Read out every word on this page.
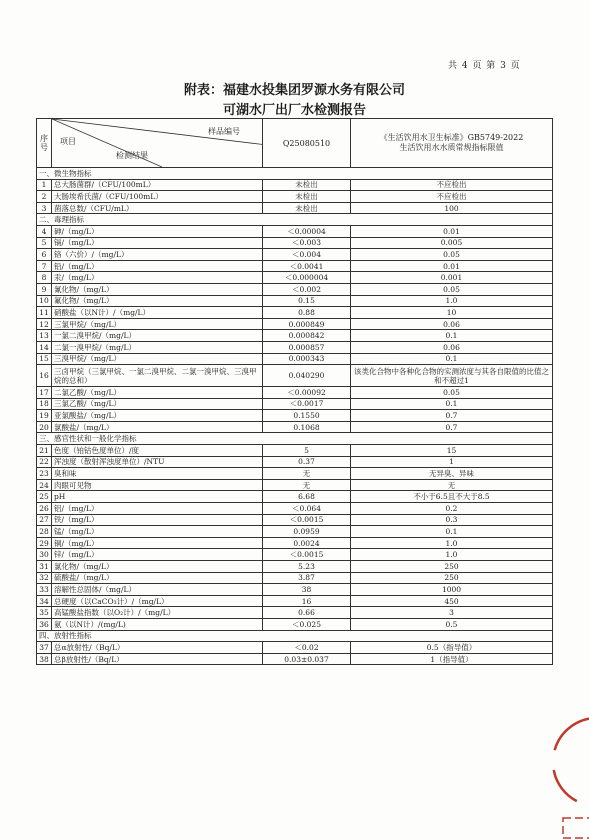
共 4 页 第 3 页
附表：福建水投集团罗源水务有限公司
可湖水厂出厂水检测报告
序号	样品编号
项目
检测结果	Q25080510	《生活饮用水卫生标准》GB5749-2022
生活饮用水水质常规指标限值
一、微生物指标			
1	总大肠菌群/（CFU/100mL）	未检出	不应检出
2	大肠埃希氏菌/（CFU/100mL）	未检出	不应检出
3	菌落总数/（CFU/mL）	未检出	100
二、毒理指标			
4	砷/（mg/L）	＜0.00004	0.01
5	镉/（mg/L）	＜0.003	0.005
6	铬（六价）/（mg/L）	＜0.004	0.05
7	铅/（mg/L）	＜0.0041	0.01
8	汞/（mg/L）	＜0.000004	0.001
9	氰化物/（mg/L）	＜0.002	0.05
10	氟化物/（mg/L）	0.15	1.0
11	硝酸盐（以N计）/（mg/L）	0.88	10
12	三氯甲烷/（mg/L）	0.000849	0.06
13	一氯二溴甲烷/（mg/L）	0.000842	0.1
14	二氯一溴甲烷/（mg/L）	0.000857	0.06
15	三溴甲烷/（mg/L）	0.000343	0.1
16	三卤甲烷（三氯甲烷、一氯二溴甲烷、二氯一溴甲烷、三溴甲烷的总和）	0.040290	该类化合物中各种化合物的实测浓度与其各自限值的比值之和不超过1
17	二氯乙酸/（mg/L）	＜0.00092	0.05
18	三氯乙酸/（mg/L）	＜0.0017	0.1
19	亚氯酸盐/（mg/L）	0.1550	0.7
20	氯酸盐/（mg/L）	0.1068	0.7
三、感官性状和一般化学指标			
21	色度（铂钴色度单位）/度	5	15
22	浑浊度（散射浑浊度单位）/NTU	0.37	1
23	臭和味	无	无异臭、异味
24	肉眼可见物	无	无
25	pH	6.68	不小于6.5且不大于8.5
26	铝/（mg/L）	＜0.064	0.2
27	铁/（mg/L）	＜0.0015	0.3
28	锰/（mg/L）	0.0959	0.1
29	铜/（mg/L）	0.0024	1.0
30	锌/（mg/L）	＜0.0015	1.0
31	氯化物/（mg/L）	5.23	250
32	硫酸盐/（mg/L）	3.87	250
33	溶解性总固体/（mg/L）	38	1000
34	总硬度（以CaCO₃计）/（mg/L）	16	450
35	高锰酸盐指数（以O₂计）/（mg/L）	0.66	3
36	氨（以N计）/(mg/L)	＜0.025	0.5
四、放射性指标			
37	总α放射性/（Bq/L）	＜0.02	0.5（指导值）
38	总β放射性/（Bq/L）	0.03±0.037	1（指导值）
